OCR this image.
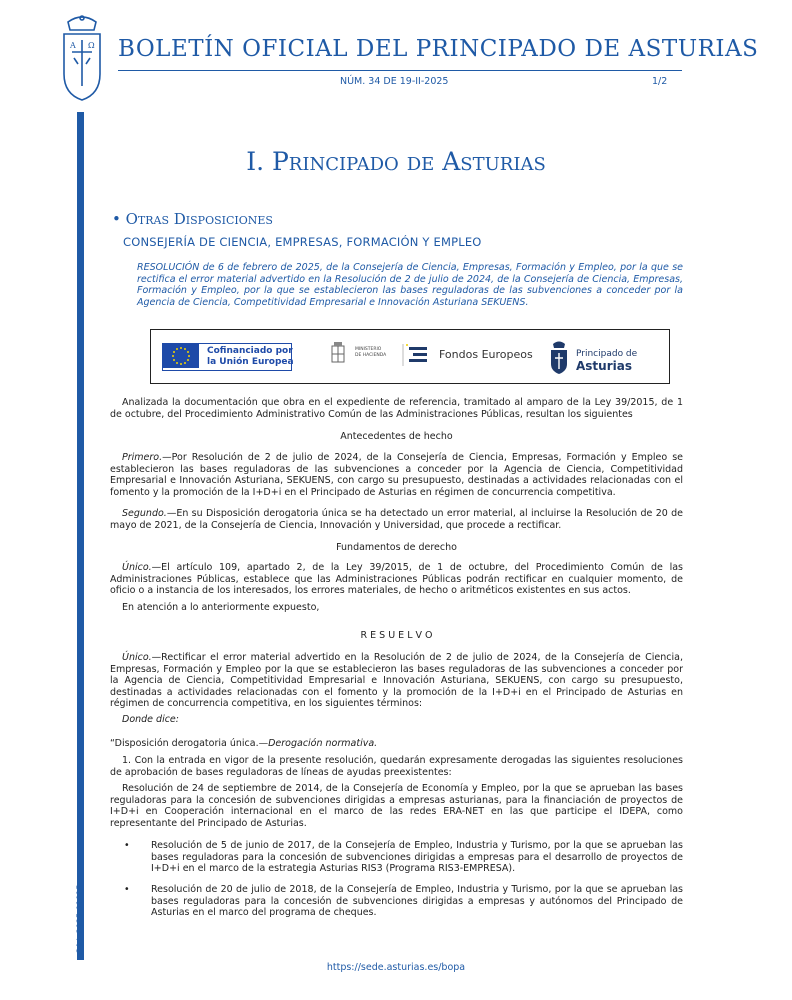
Cód. 2025-01015
A Ω BOLETÍN OFICIAL DEL PRINCIPADO DE ASTURIAS
NÚM. 34 DE 19-II-2025	1/2
I. Principado de Asturias
• Otras Disposiciones
CONSEJERÍA DE CIENCIA, EMPRESAS, FORMACIÓN Y EMPLEO
RESOLUCIÓN de 6 de febrero de 2025, de la Consejería de Ciencia, Empresas, Formación y Empleo, por la que se rectifica el error material advertido en la Resolución de 2 de julio de 2024, de la Consejería de Ciencia, Empresas, Formación y Empleo, por la que se establecieron las bases reguladoras de las subvenciones a conceder por la Agencia de Ciencia, Competitividad Empresarial e Innovación Asturiana SEKUENS.
Cofinanciado por
la Unión Europea
MINISTERIO
DE HACIENDA	Fondos Europeos	Principado de
Asturias
Analizada la documentación que obra en el expediente de referencia, tramitado al amparo de la Ley 39/2015, de 1 de octubre, del Procedimiento Administrativo Común de las Administraciones Públicas, resultan los siguientes
Antecedentes de hecho
Primero.—Por Resolución de 2 de julio de 2024, de la Consejería de Ciencia, Empresas, Formación y Empleo se establecieron las bases reguladoras de las subvenciones a conceder por la Agencia de Ciencia, Competitividad Empresarial e Innovación Asturiana, SEKUENS, con cargo su presupuesto, destinadas a actividades relacionadas con el fomento y la promoción de la I+D+i en el Principado de Asturias en régimen de concurrencia competitiva.
Segundo.—En su Disposición derogatoria única se ha detectado un error material, al incluirse la Resolución de 20 de mayo de 2021, de la Consejería de Ciencia, Innovación y Universidad, que procede a rectificar.
Fundamentos de derecho
Único.—El artículo 109, apartado 2, de la Ley 39/2015, de 1 de octubre, del Procedimiento Común de las Administraciones Públicas, establece que las Administraciones Públicas podrán rectificar en cualquier momento, de oficio o a instancia de los interesados, los errores materiales, de hecho o aritméticos existentes en sus actos.
En atención a lo anteriormente expuesto,
R E S U E L V O
Único.—Rectificar el error material advertido en la Resolución de 2 de julio de 2024, de la Consejería de Ciencia, Empresas, Formación y Empleo por la que se establecieron las bases reguladoras de las subvenciones a conceder por la Agencia de Ciencia, Competitividad Empresarial e Innovación Asturiana, SEKUENS, con cargo su presupuesto, destinadas a actividades relacionadas con el fomento y la promoción de la I+D+i en el Principado de Asturias en régimen de concurrencia competitiva, en los siguientes términos:
Donde dice:
“Disposición derogatoria única.—Derogación normativa.
1. Con la entrada en vigor de la presente resolución, quedarán expresamente derogadas las siguientes resoluciones de aprobación de bases reguladoras de líneas de ayudas preexistentes:
Resolución de 24 de septiembre de 2014, de la Consejería de Economía y Empleo, por la que se aprueban las bases reguladoras para la concesión de subvenciones dirigidas a empresas asturianas, para la financiación de proyectos de I+D+i en Cooperación internacional en el marco de las redes ERA-NET en las que participe el IDEPA, como representante del Principado de Asturias.
• Resolución de 5 de junio de 2017, de la Consejería de Empleo, Industria y Turismo, por la que se aprueban las bases reguladoras para la concesión de subvenciones dirigidas a empresas para el desarrollo de proyectos de I+D+i en el marco de la estrategia Asturias RIS3 (Programa RIS3-EMPRESA).
• Resolución de 20 de julio de 2018, de la Consejería de Empleo, Industria y Turismo, por la que se aprueban las bases reguladoras para la concesión de subvenciones dirigidas a empresas y autónomos del Principado de Asturias en el marco del programa de cheques.
https://sede.asturias.es/bopa
